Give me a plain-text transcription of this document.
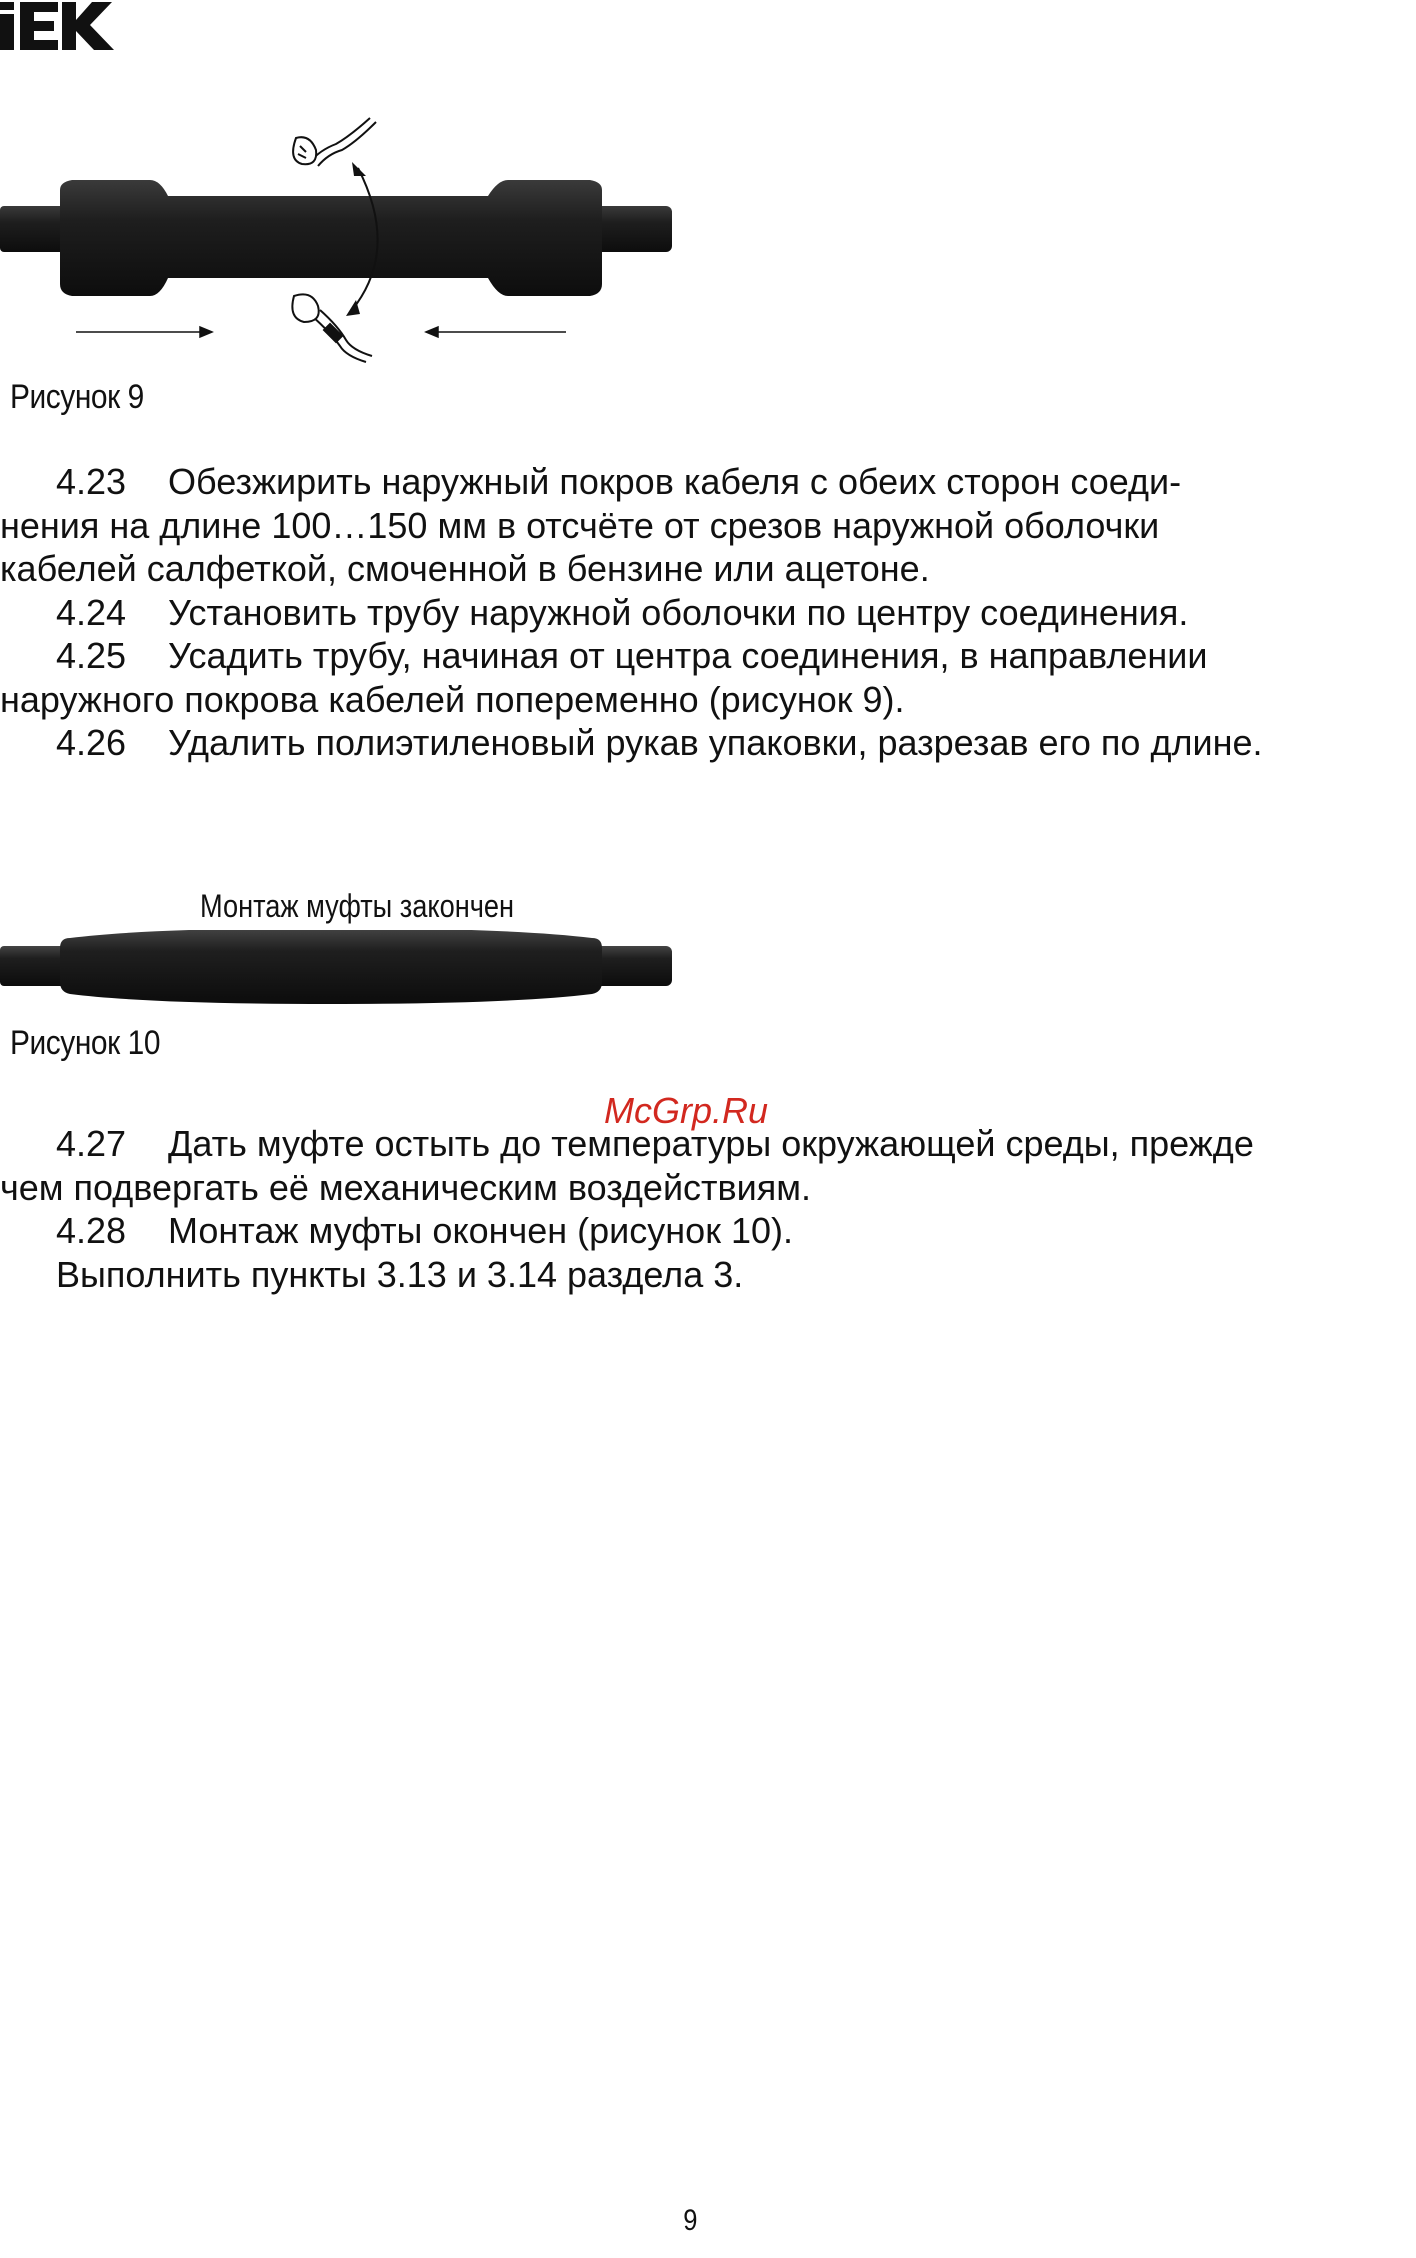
Рисунок 9
4.23 Обезжирить наружный покров кабеля с обеих сторон соеди-
нения на длине 100…150 мм в отсчёте от срезов наружной оболочки
кабелей салфеткой, смоченной в бензине или ацетоне.
4.24 Установить трубу наружной оболочки по центру соединения.
4.25 Усадить трубу, начиная от центра соединения, в направлении
наружного покрова кабелей попеременно (рисунок 9).
4.26 Удалить полиэтиленовый рукав упаковки, разрезав его по длине.
Монтаж муфты закончен
Рисунок 10
4.27 Дать муфте остыть до температуры окружающей среды, прежде
чем подвергать её механическим воздействиям.
4.28 Монтаж муфты окончен (рисунок 10).
Выполнить пункты 3.13 и 3.14 раздела 3.
McGrp.Ru
9
